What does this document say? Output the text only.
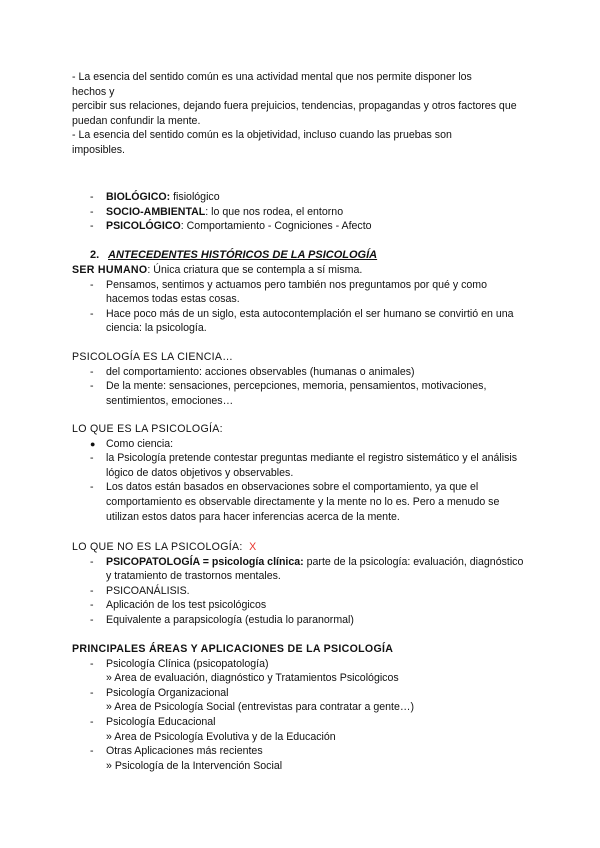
- La esencia del sentido común es una actividad mental que nos permite disponer los hechos y

percibir sus relaciones, dejando fuera prejuicios, tendencias, propagandas y otros factores que puedan confundir la mente.

- La esencia del sentido común es la objetividad, incluso cuando las pruebas son imposibles.

- BIOLÓGICO: fisiológico
- SOCIO-AMBIENTAL: lo que nos rodea, el entorno
- PSICOLÓGICO: Comportamiento - Cogniciones - Afecto
2. ANTECEDENTES HISTÓRICOS DE LA PSICOLOGÍA

SER HUMANO: Única criatura que se contempla a sí misma.

- Pensamos, sentimos y actuamos pero también nos preguntamos por qué y como hacemos todas estas cosas.
- Hace poco más de un siglo, esta autocontemplación el ser humano se convirtió en una ciencia: la psicología.

PSICOLOGÍA ES LA CIENCIA…

- del comportamiento: acciones observables (humanas o animales)
- De la mente: sensaciones, percepciones, memoria, pensamientos, motivaciones, sentimientos, emociones…

LO QUE ES LA PSICOLOGÍA:

● Como ciencia:
- la Psicología pretende contestar preguntas mediante el registro sistemático y el análisis lógico de datos objetivos y observables.
- Los datos están basados en observaciones sobre el comportamiento, ya que el comportamiento es observable directamente y la mente no lo es. Pero a menudo se utilizan estos datos para hacer inferencias acerca de la mente.

LO QUE NO ES LA PSICOLOGÍA: X

- PSICOPATOLOGÍA = psicología clínica: parte de la psicología: evaluación, diagnóstico y tratamiento de trastornos mentales.
- PSICOANÁLISIS.
- Aplicación de los test psicológicos
- Equivalente a parapsicología (estudia lo paranormal)

PRINCIPALES ÁREAS Y APLICACIONES DE LA PSICOLOGÍA

- Psicología Clínica (psicopatología)
» Area de evaluación, diagnóstico y Tratamientos Psicológicos
- Psicología Organizacional
» Area de Psicología Social (entrevistas para contratar a gente…)
- Psicología Educacional
» Area de Psicología Evolutiva y de la Educación
- Otras Aplicaciones más recientes
» Psicología de la Intervención Social
